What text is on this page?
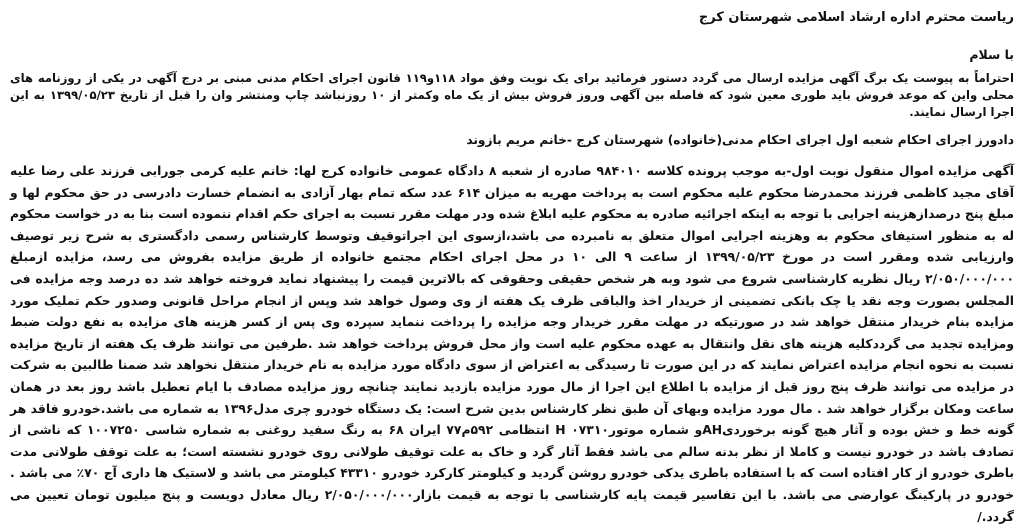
ریاست محترم اداره ارشاد اسلامی شهرستان کرج
با سلام
احتراماً به پیوست یک برگ آگهی مزایده ارسال می گردد دستور فرمائید برای یک نوبت وفق مواد ۱۱۸و۱۱۹ قانون اجرای احکام مدنی مبنی بر درج آگهی در یکی از روزنامه های محلی واین که موعد فروش باید طوری معین شود که فاصله بین آگهی وروز فروش بیش از یک ماه وکمتر از ۱۰ روزنباشد چاپ ومنتشر وان را قبل از تاریخ ۱۳۹۹/۰۵/۲۳ به این اجرا ارسال نمایند.
دادورز اجرای احکام شعبه اول اجرای احکام مدنی(خانواده) شهرستان کرج -خانم مریم بازوند
آگهی مزایده اموال منقول نوبت اول-به موجب پرونده کلاسه ۹۸۴۰۱۰ صادره از شعبه ۸ دادگاه عمومی خانواده کرج لها: خانم علیه کرمی جورابی فرزند علی رضا علیه آقای مجید کاظمی فرزند محمدرضا محکوم علیه محکوم است به پرداخت مهریه به میزان ۶۱۴ عدد سکه تمام بهار آزادی به انضمام خسارت دادرسی در حق محکوم لها و مبلغ پنج درصدازهزینه اجرایی با توجه به اینکه اجرائیه صادره به محکوم علیه ابلاغ شده ودر مهلت مقرر نسبت به اجرای حکم اقدام ننموده است بنا به در خواست محکوم له به منظور استیفای محکوم به وهزینه اجرایی اموال متعلق به نامبرده می باشد،ازسوی این اجراتوقیف وتوسط کارشناس رسمی دادگستری به شرح زیر توصیف وارزیابی شده ومقرر است در مورخ ۱۳۹۹/۰۵/۲۳ از ساعت ۹ الی ۱۰ در محل اجرای احکام مجتمع خانواده از طریق مزایده بفروش می رسد، مزایده ازمبلغ ۲/۰۵۰/۰۰۰/۰۰۰ ریال نظریه کارشناسی شروع می شود وبه هر شخص حقیقی وحقوقی که بالاترین قیمت را پیشنهاد نماید فروخته خواهد شد ده درصد وجه مزایده فی المجلس بصورت وجه نقد یا چک بانکی تضمینی از خریدار اخذ والباقی ظرف یک هفته از وی وصول خواهد شد وپس از انجام مراحل قانونی وصدور حکم تملیک مورد مزایده بنام خریدار منتقل خواهد شد در صورتیکه در مهلت مقرر خریدار وجه مزایده را پرداخت ننماید سپرده وی پس از کسر هزینه های مزایده به نفع دولت ضبط ومزایده تجدید می گرددکلیه هزینه های نقل وانتقال به عهده محکوم علیه است واز محل فروش پرداخت خواهد شد .طرفین می توانند ظرف یک هفته از تاریخ مزایده نسبت به نحوه انجام مزایده اعتراض نمایند که در این صورت تا رسیدگی به اعتراض از سوی دادگاه مورد مزایده به نام خریدار منتقل نخواهد شد ضمنا طالبین به شرکت در مزایده می توانند ظرف پنج روز قبل از مزایده با اطلاع این اجرا از مال مورد مزایده بازدید نمایند چنانچه روز مزایده مصادف با ایام تعطیل باشد روز بعد در همان ساعت ومکان برگزار خواهد شد . مال مورد مزایده وبهای آن طبق نظر کارشناس بدین شرح است: یک دستگاه خودرو چری مدل۱۳۹۶ به شماره می باشد.خودرو فاقد هر گونه خط و خش بوده و آثار هیچ گونه برخوردیAHو شماره موتور۰۷۳۱۰ H انتظامی ۵۹۲م۷۷ ایران ۶۸ به رنگ سفید روغنی به شماره شاسی ۱۰۰۷۲۵۰ که ناشی از تصادف باشد در خودرو نیست و کاملا از نظر بدنه سالم می باشد فقط آثار گرد و خاک به علت توقیف طولانی روی خودرو نشسته است؛ به علت توقف طولانی مدت باطری خودرو از کار افتاده است که با استفاده باطری یدکی خودرو روشن گردید و کیلومتر کارکرد خودرو ۴۳۳۱۰ کیلومتر می باشد و لاستیک ها داری آج ۷۰٪ می باشد . خودرو در پارکینگ عوارضی می باشد. با این تفاسیر قیمت پایه کارشناسی با توجه به قیمت بازار۲/۰۵۰/۰۰۰/۰۰۰ ریال معادل دویست و پنج میلیون تومان تعیین می گردد./
